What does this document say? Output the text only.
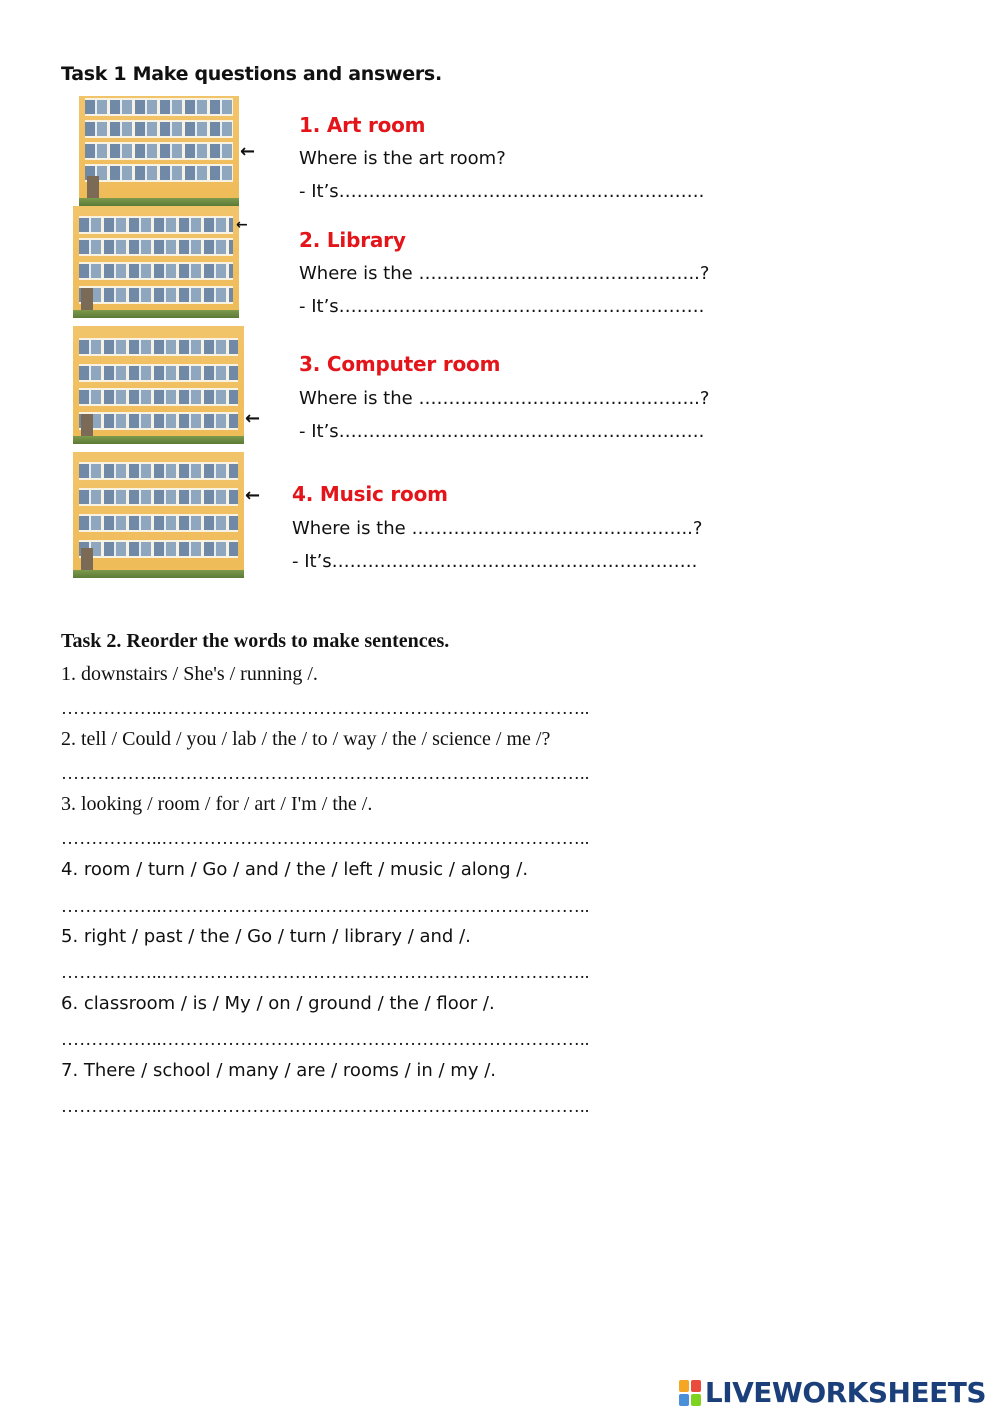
Task 1 Make questions and answers.
←
←
←
←
1. Art room
Where is the art room?
- It’s…………………………………………………….
2. Library
Where is the ………………………………………..?
- It’s…………………………………………………….
3. Computer room
Where is the ………………………………………..?
- It’s…………………………………………………….
4. Music room
Where is the ………………………………………..?
- It’s…………………………………………………….
Task 2. Reorder the words to make sentences.
1. downstairs / She's / running /.
……………..……………………………………………………………..
2. tell / Could / you / lab / the / to / way / the / science / me /?
……………..……………………………………………………………..
3. looking / room / for / art / I'm / the /.
……………..……………………………………………………………..
4. room / turn / Go / and / the / left / music / along /.
……………..……………………………………………………………..
5. right / past / the / Go / turn / library / and /.
……………..……………………………………………………………..
6. classroom / is / My / on / ground / the / floor /.
……………..……………………………………………………………..
7. There / school / many / are / rooms / in / my /.
……………..……………………………………………………………..
LIVEWORKSHEETS
